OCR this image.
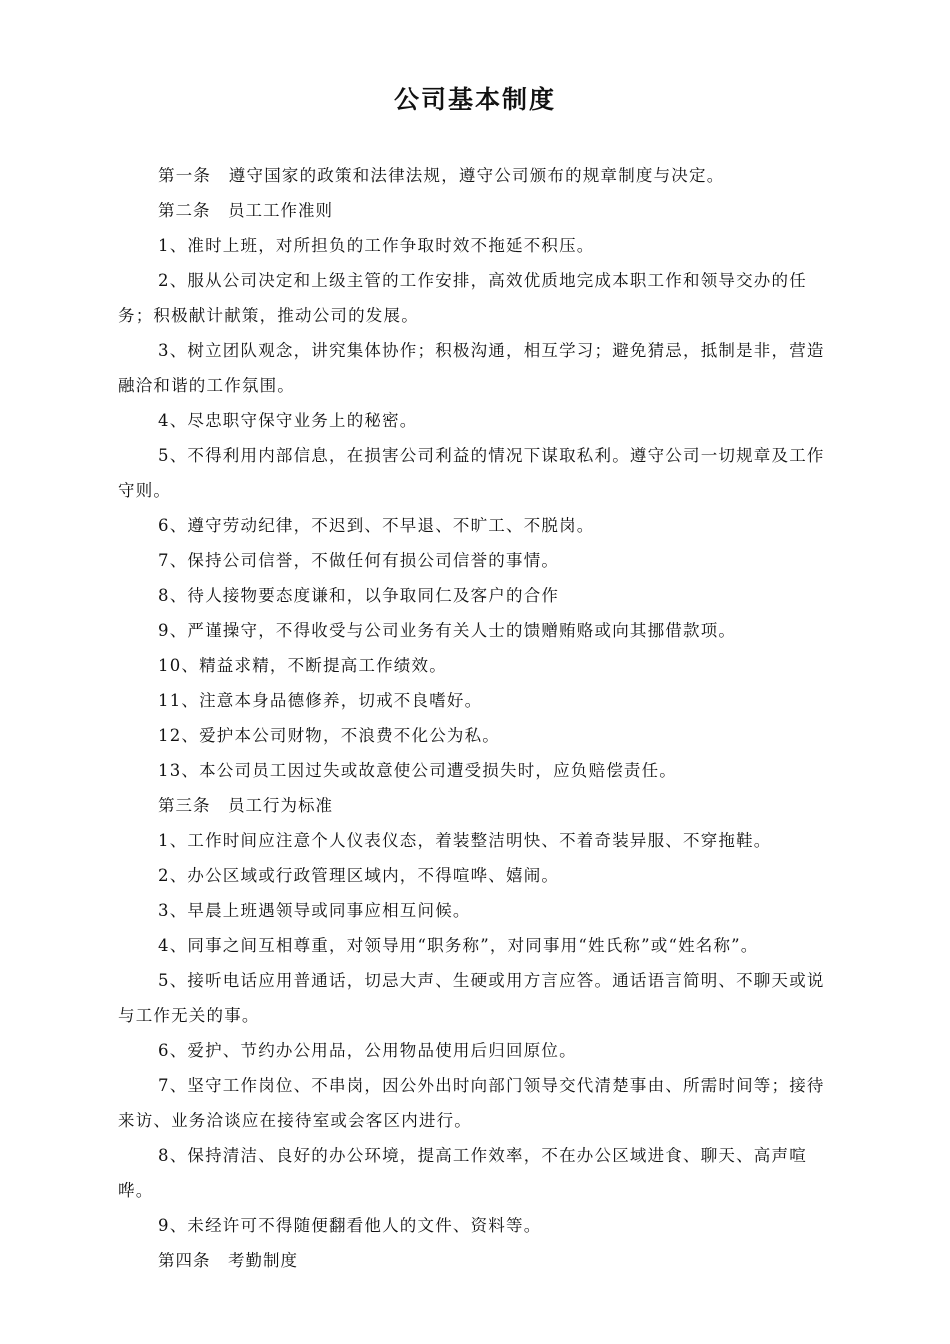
公司基本制度

第一条　遵守国家的政策和法律法规，遵守公司颁布的规章制度与决定。

第二条　员工工作准则

1、准时上班，对所担负的工作争取时效不拖延不积压。

2、服从公司决定和上级主管的工作安排，高效优质地完成本职工作和领导交办的任务；积极献计献策，推动公司的发展。

3、树立团队观念，讲究集体协作；积极沟通，相互学习；避免猜忌，抵制是非，营造融洽和谐的工作氛围。

4、尽忠职守保守业务上的秘密。

5、不得利用内部信息，在损害公司利益的情况下谋取私利。遵守公司一切规章及工作守则。

6、遵守劳动纪律，不迟到、不早退、不旷工、不脱岗。

7、保持公司信誉，不做任何有损公司信誉的事情。

8、待人接物要态度谦和，以争取同仁及客户的合作

9、严谨操守，不得收受与公司业务有关人士的馈赠贿赂或向其挪借款项。

10、精益求精，不断提高工作绩效。

11、注意本身品德修养，切戒不良嗜好。

12、爱护本公司财物，不浪费不化公为私。

13、本公司员工因过失或故意使公司遭受损失时，应负赔偿责任。

第三条　员工行为标准

1、工作时间应注意个人仪表仪态，着装整洁明快、不着奇装异服、不穿拖鞋。

2、办公区域或行政管理区域内，不得喧哗、嬉闹。

3、早晨上班遇领导或同事应相互问候。

4、同事之间互相尊重，对领导用“职务称”，对同事用“姓氏称”或“姓名称”。

5、接听电话应用普通话，切忌大声、生硬或用方言应答。通话语言简明、不聊天或说与工作无关的事。

6、爱护、节约办公用品，公用物品使用后归回原位。

7、坚守工作岗位、不串岗，因公外出时向部门领导交代清楚事由、所需时间等；接待来访、业务洽谈应在接待室或会客区内进行。

8、保持清洁、良好的办公环境，提高工作效率，不在办公区域进食、聊天、高声喧哗。

9、未经许可不得随便翻看他人的文件、资料等。

第四条　考勤制度
